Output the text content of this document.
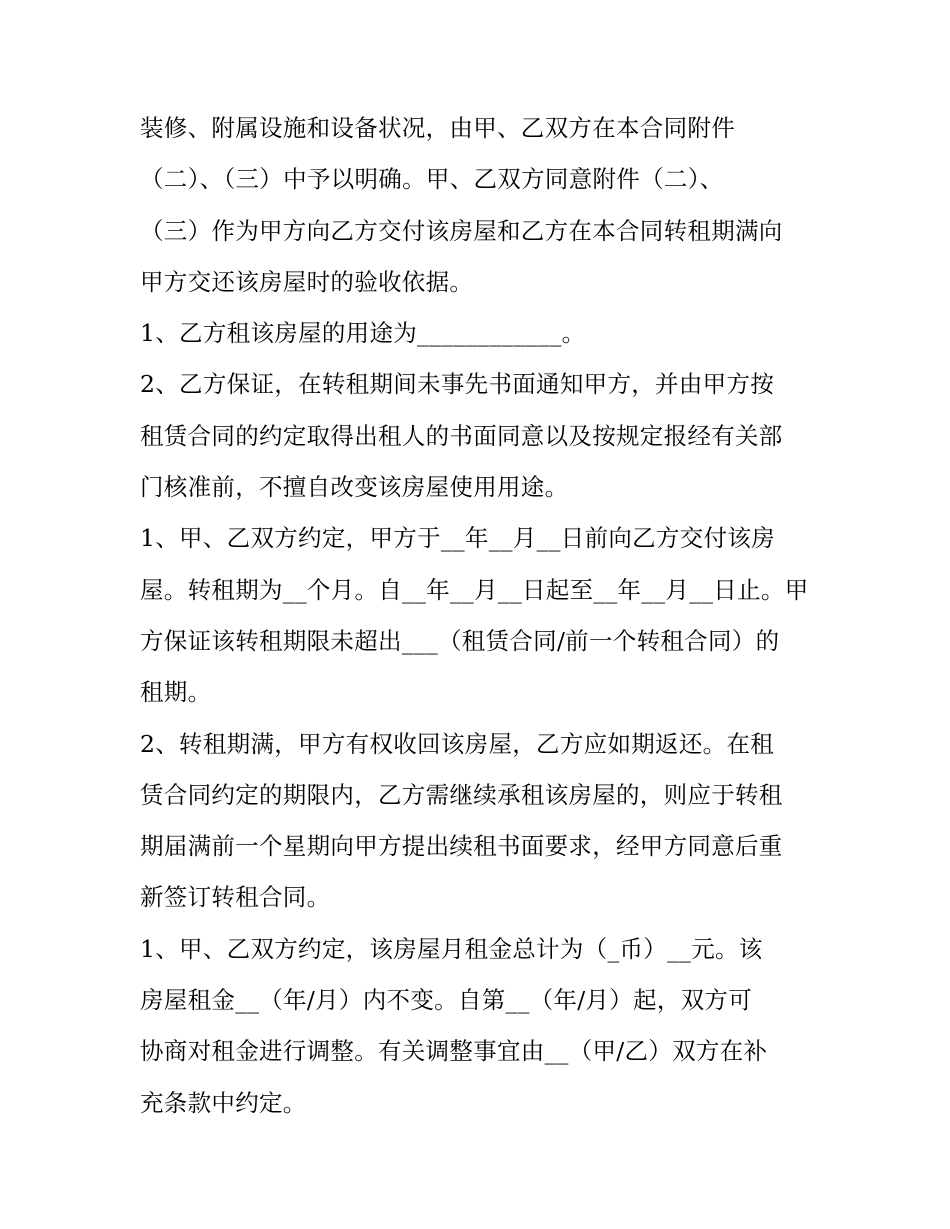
装修、附属设施和设备状况，由甲、乙双方在本合同附件
（二）、（三）中予以明确。甲、乙双方同意附件（二）、
（三）作为甲方向乙方交付该房屋和乙方在本合同转租期满向
甲方交还该房屋时的验收依据。
1、乙方租该房屋的用途为____________。
2、乙方保证，在转租期间未事先书面通知甲方，并由甲方按
租赁合同的约定取得出租人的书面同意以及按规定报经有关部
门核准前，不擅自改变该房屋使用用途。
1、甲、乙双方约定，甲方于__年__月__日前向乙方交付该房
屋。转租期为__个月。自__年__月__日起至__年__月__日止。甲
方保证该转租期限未超出___（租赁合同/前一个转租合同）的
租期。
2、转租期满，甲方有权收回该房屋，乙方应如期返还。在租
赁合同约定的期限内，乙方需继续承租该房屋的，则应于转租
期届满前一个星期向甲方提出续租书面要求，经甲方同意后重
新签订转租合同。
1、甲、乙双方约定，该房屋月租金总计为（_币）__元。该
房屋租金__（年/月）内不变。自第__（年/月）起，双方可
协商对租金进行调整。有关调整事宜由__（甲/乙）双方在补
充条款中约定。
